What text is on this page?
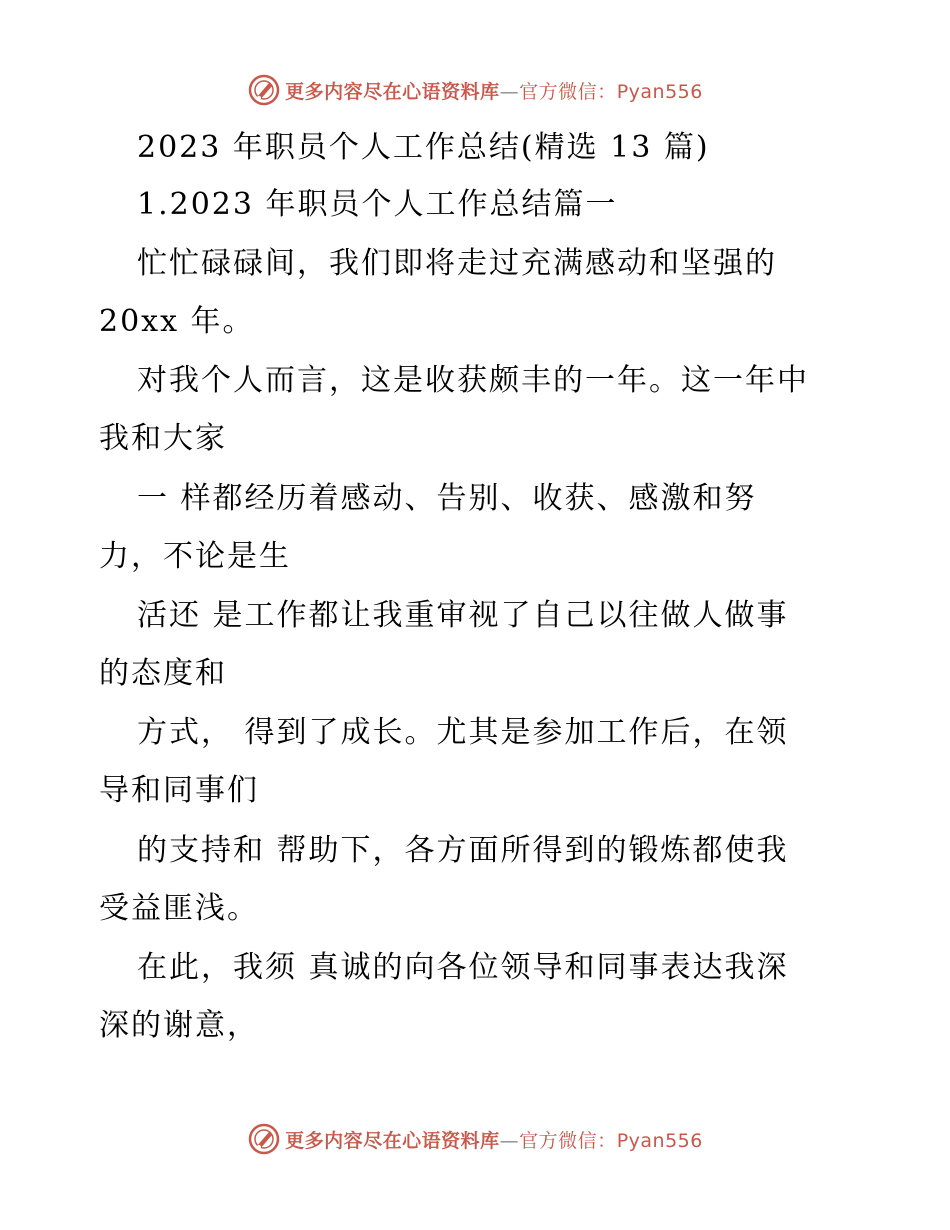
更多内容尽在心语资料库—官方微信：Pyan556
2023 年职员个人工作总结(精选 13 篇)
1.2023 年职员个人工作总结篇一
忙忙碌碌间，我们即将走过充满感动和坚强的
20xx 年。
对我个人而言，这是收获颇丰的一年。这一年中
我和大家
一 样都经历着感动、告别、收获、感激和努
力，不论是生
活还 是工作都让我重审视了自己以往做人做事
的态度和
方式， 得到了成长。尤其是参加工作后，在领
导和同事们
的支持和 帮助下，各方面所得到的锻炼都使我
受益匪浅。
在此，我须 真诚的向各位领导和同事表达我深
深的谢意，
更多内容尽在心语资料库—官方微信：Pyan556
